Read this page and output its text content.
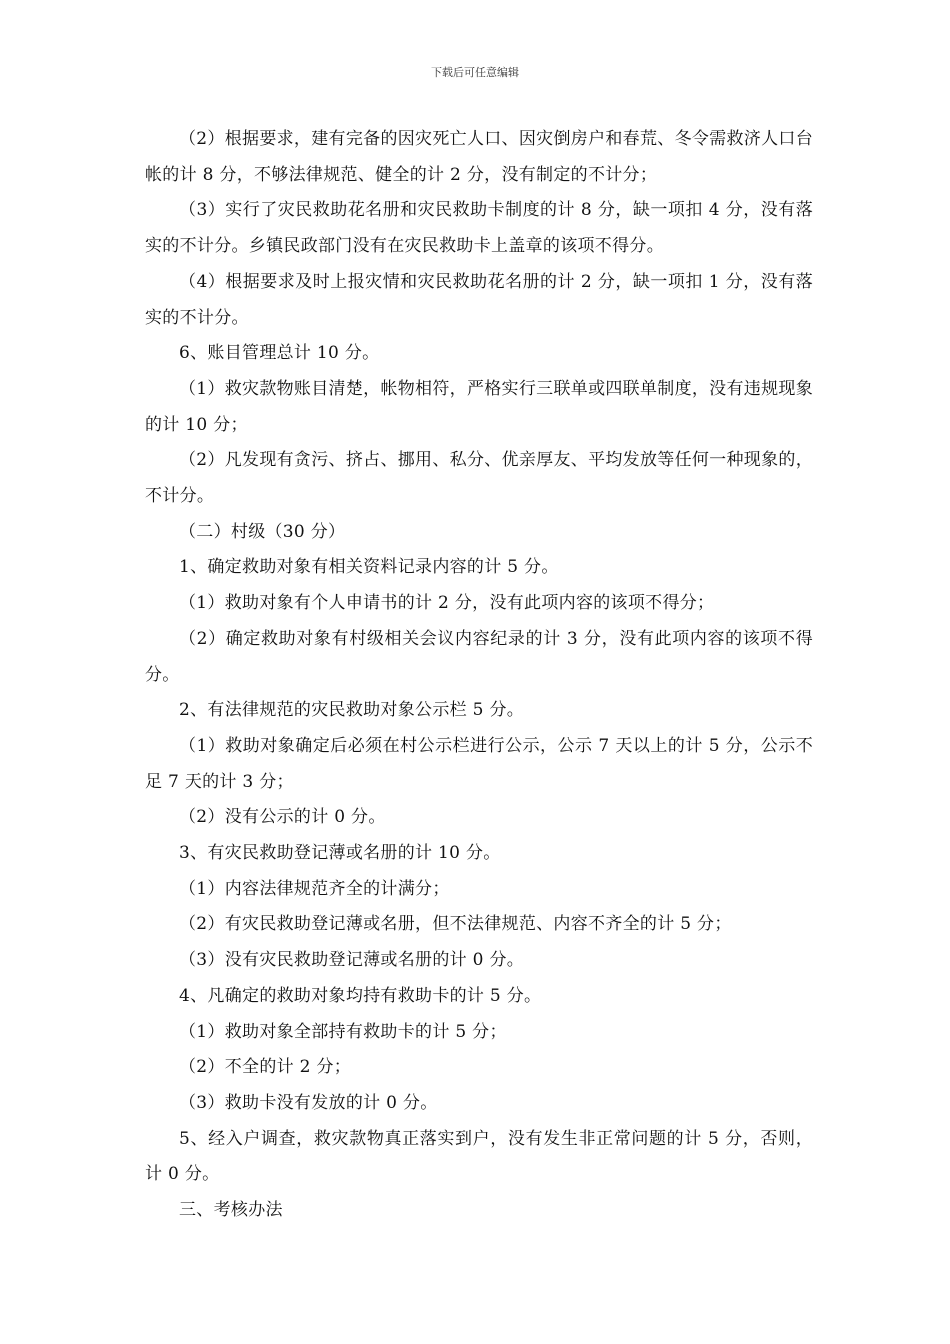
下载后可任意编辑

（2）根据要求，建有完备的因灾死亡人口、因灾倒房户和春荒、冬令需救济人口台帐的计 8 分，不够法律规范、健全的计 2 分，没有制定的不计分；

（3）实行了灾民救助花名册和灾民救助卡制度的计 8 分，缺一项扣 4 分，没有落实的不计分。乡镇民政部门没有在灾民救助卡上盖章的该项不得分。

（4）根据要求及时上报灾情和灾民救助花名册的计 2 分，缺一项扣 1 分，没有落实的不计分。

6、账目管理总计 10 分。

（1）救灾款物账目清楚，帐物相符，严格实行三联单或四联单制度，没有违规现象的计 10 分；

（2）凡发现有贪污、挤占、挪用、私分、优亲厚友、平均发放等任何一种现象的，不计分。

（二）村级（30 分）

1、确定救助对象有相关资料记录内容的计 5 分。

（1）救助对象有个人申请书的计 2 分，没有此项内容的该项不得分；

（2）确定救助对象有村级相关会议内容纪录的计 3 分，没有此项内容的该项不得分。

2、有法律规范的灾民救助对象公示栏 5 分。

（1）救助对象确定后必须在村公示栏进行公示，公示 7 天以上的计 5 分，公示不足 7 天的计 3 分；

（2）没有公示的计 0 分。

3、有灾民救助登记薄或名册的计 10 分。

（1）内容法律规范齐全的计满分；

（2）有灾民救助登记薄或名册，但不法律规范、内容不齐全的计 5 分；

（3）没有灾民救助登记薄或名册的计 0 分。

4、凡确定的救助对象均持有救助卡的计 5 分。

（1）救助对象全部持有救助卡的计 5 分；

（2）不全的计 2 分；

（3）救助卡没有发放的计 0 分。

5、经入户调查，救灾款物真正落实到户，没有发生非正常问题的计 5 分，否则，计 0 分。

三、考核办法
